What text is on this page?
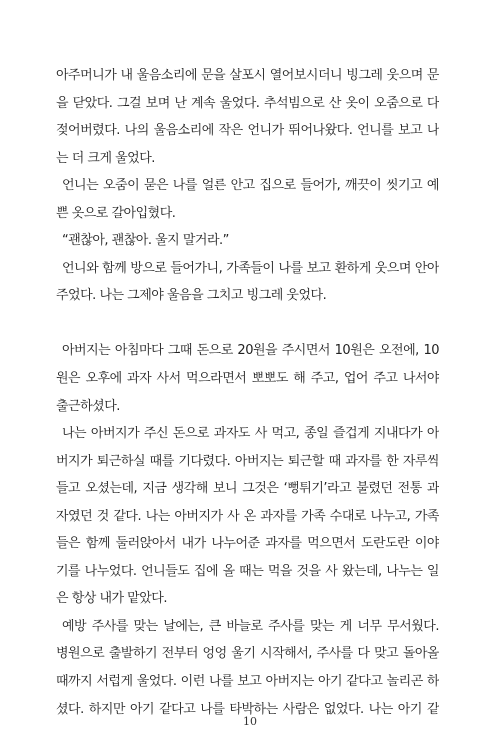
아주머니가 내 울음소리에 문을 살포시 열어보시더니 빙그레 웃으며 문
을 닫았다. 그걸 보며 난 계속 울었다. 추석빔으로 산 옷이 오줌으로 다
젖어버렸다. 나의 울음소리에 작은 언니가 뛰어나왔다. 언니를 보고 나
는 더 크게 울었다.
언니는 오줌이 묻은 나를 얼른 안고 집으로 들어가, 깨끗이 씻기고 예
쁜 옷으로 갈아입혔다.
“괜찮아, 괜찮아. 울지 말거라.”
언니와 함께 방으로 들어가니, 가족들이 나를 보고 환하게 웃으며 안아
주었다. 나는 그제야 울음을 그치고 빙그레 웃었다.
아버지는 아침마다 그때 돈으로 20원을 주시면서 10원은 오전에, 10
원은 오후에 과자 사서 먹으라면서 뽀뽀도 해 주고, 업어 주고 나서야
출근하셨다.
나는 아버지가 주신 돈으로 과자도 사 먹고, 종일 즐겁게 지내다가 아
버지가 퇴근하실 때를 기다렸다. 아버지는 퇴근할 때 과자를 한 자루씩
들고 오셨는데, 지금 생각해 보니 그것은 ‘뻥튀기’라고 불렸던 전통 과
자였던 것 같다. 나는 아버지가 사 온 과자를 가족 수대로 나누고, 가족
들은 함께 둘러앉아서 내가 나누어준 과자를 먹으면서 도란도란 이야
기를 나누었다. 언니들도 집에 올 때는 먹을 것을 사 왔는데, 나누는 일
은 항상 내가 맡았다.
예방 주사를 맞는 날에는, 큰 바늘로 주사를 맞는 게 너무 무서웠다.
병원으로 출발하기 전부터 엉엉 울기 시작해서, 주사를 다 맞고 돌아올
때까지 서럽게 울었다. 이런 나를 보고 아버지는 아기 같다고 놀리곤 하
셨다. 하지만 아기 같다고 나를 타박하는 사람은 없었다. 나는 아기 같
10
